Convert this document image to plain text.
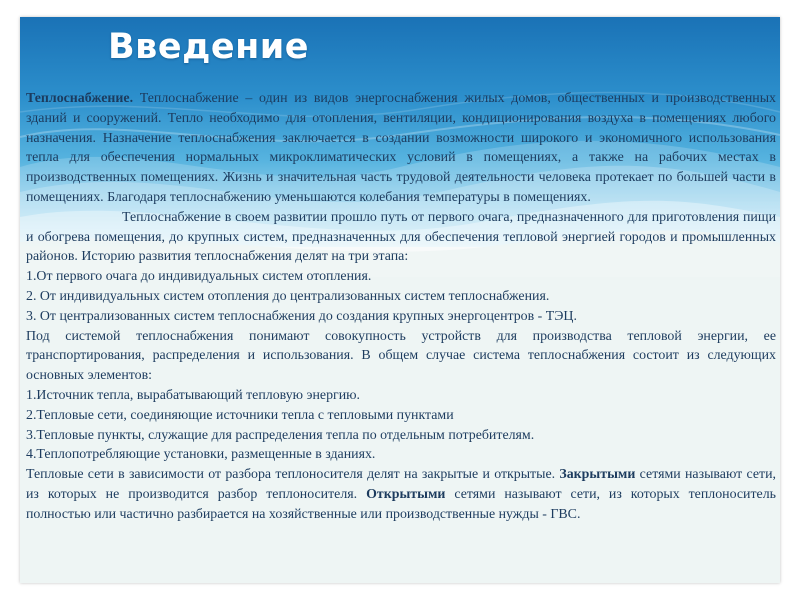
Введение

Теплоснабжение. Теплоснабжение – один из видов энергоснабжения жилых домов, общественных и производственных зданий и сооружений. Тепло необходимо для отопления, вентиляции, кондиционирования воздуха в помещениях любого назначения. Назначение теплоснабжения заключается в создании возможности широкого и экономичного использования тепла для обеспечения нормальных микроклиматических условий в помещениях, а также на рабочих местах в производственных помещениях. Жизнь и значительная часть трудовой деятельности человека протекает по большей части в помещениях. Благодаря теплоснабжению уменьшаются колебания температуры в помещениях.

Теплоснабжение в своем развитии прошло путь от первого очага, предназначенного для приготовления пищи и обогрева помещения, до крупных систем, предназначенных для обеспечения тепловой энергией городов и промышленных районов. Историю развития теплоснабжения делят на три этапа:

1.От первого очага до индивидуальных систем отопления.

2. От индивидуальных систем отопления до централизованных систем теплоснабжения.

3. От централизованных систем теплоснабжения до создания крупных энергоцентров - ТЭЦ.

Под системой теплоснабжения понимают совокупность устройств для производства тепловой энергии, ее транспортирования, распределения и использования. В общем случае система теплоснабжения состоит из следующих основных элементов:

1.Источник тепла, вырабатывающий тепловую энергию.

2.Тепловые сети, соединяющие источники тепла с тепловыми пунктами

3.Тепловые пункты, служащие для распределения тепла по отдельным потребителям.

4.Теплопотребляющие установки, размещенные в зданиях.

Тепловые сети в зависимости от разбора теплоносителя делят на закрытые и открытые. Закрытыми сетями называют сети, из которых не производится разбор теплоносителя. Открытыми сетями называют сети, из которых теплоноситель полностью или частично разбирается на хозяйственные или производственные нужды - ГВС.
